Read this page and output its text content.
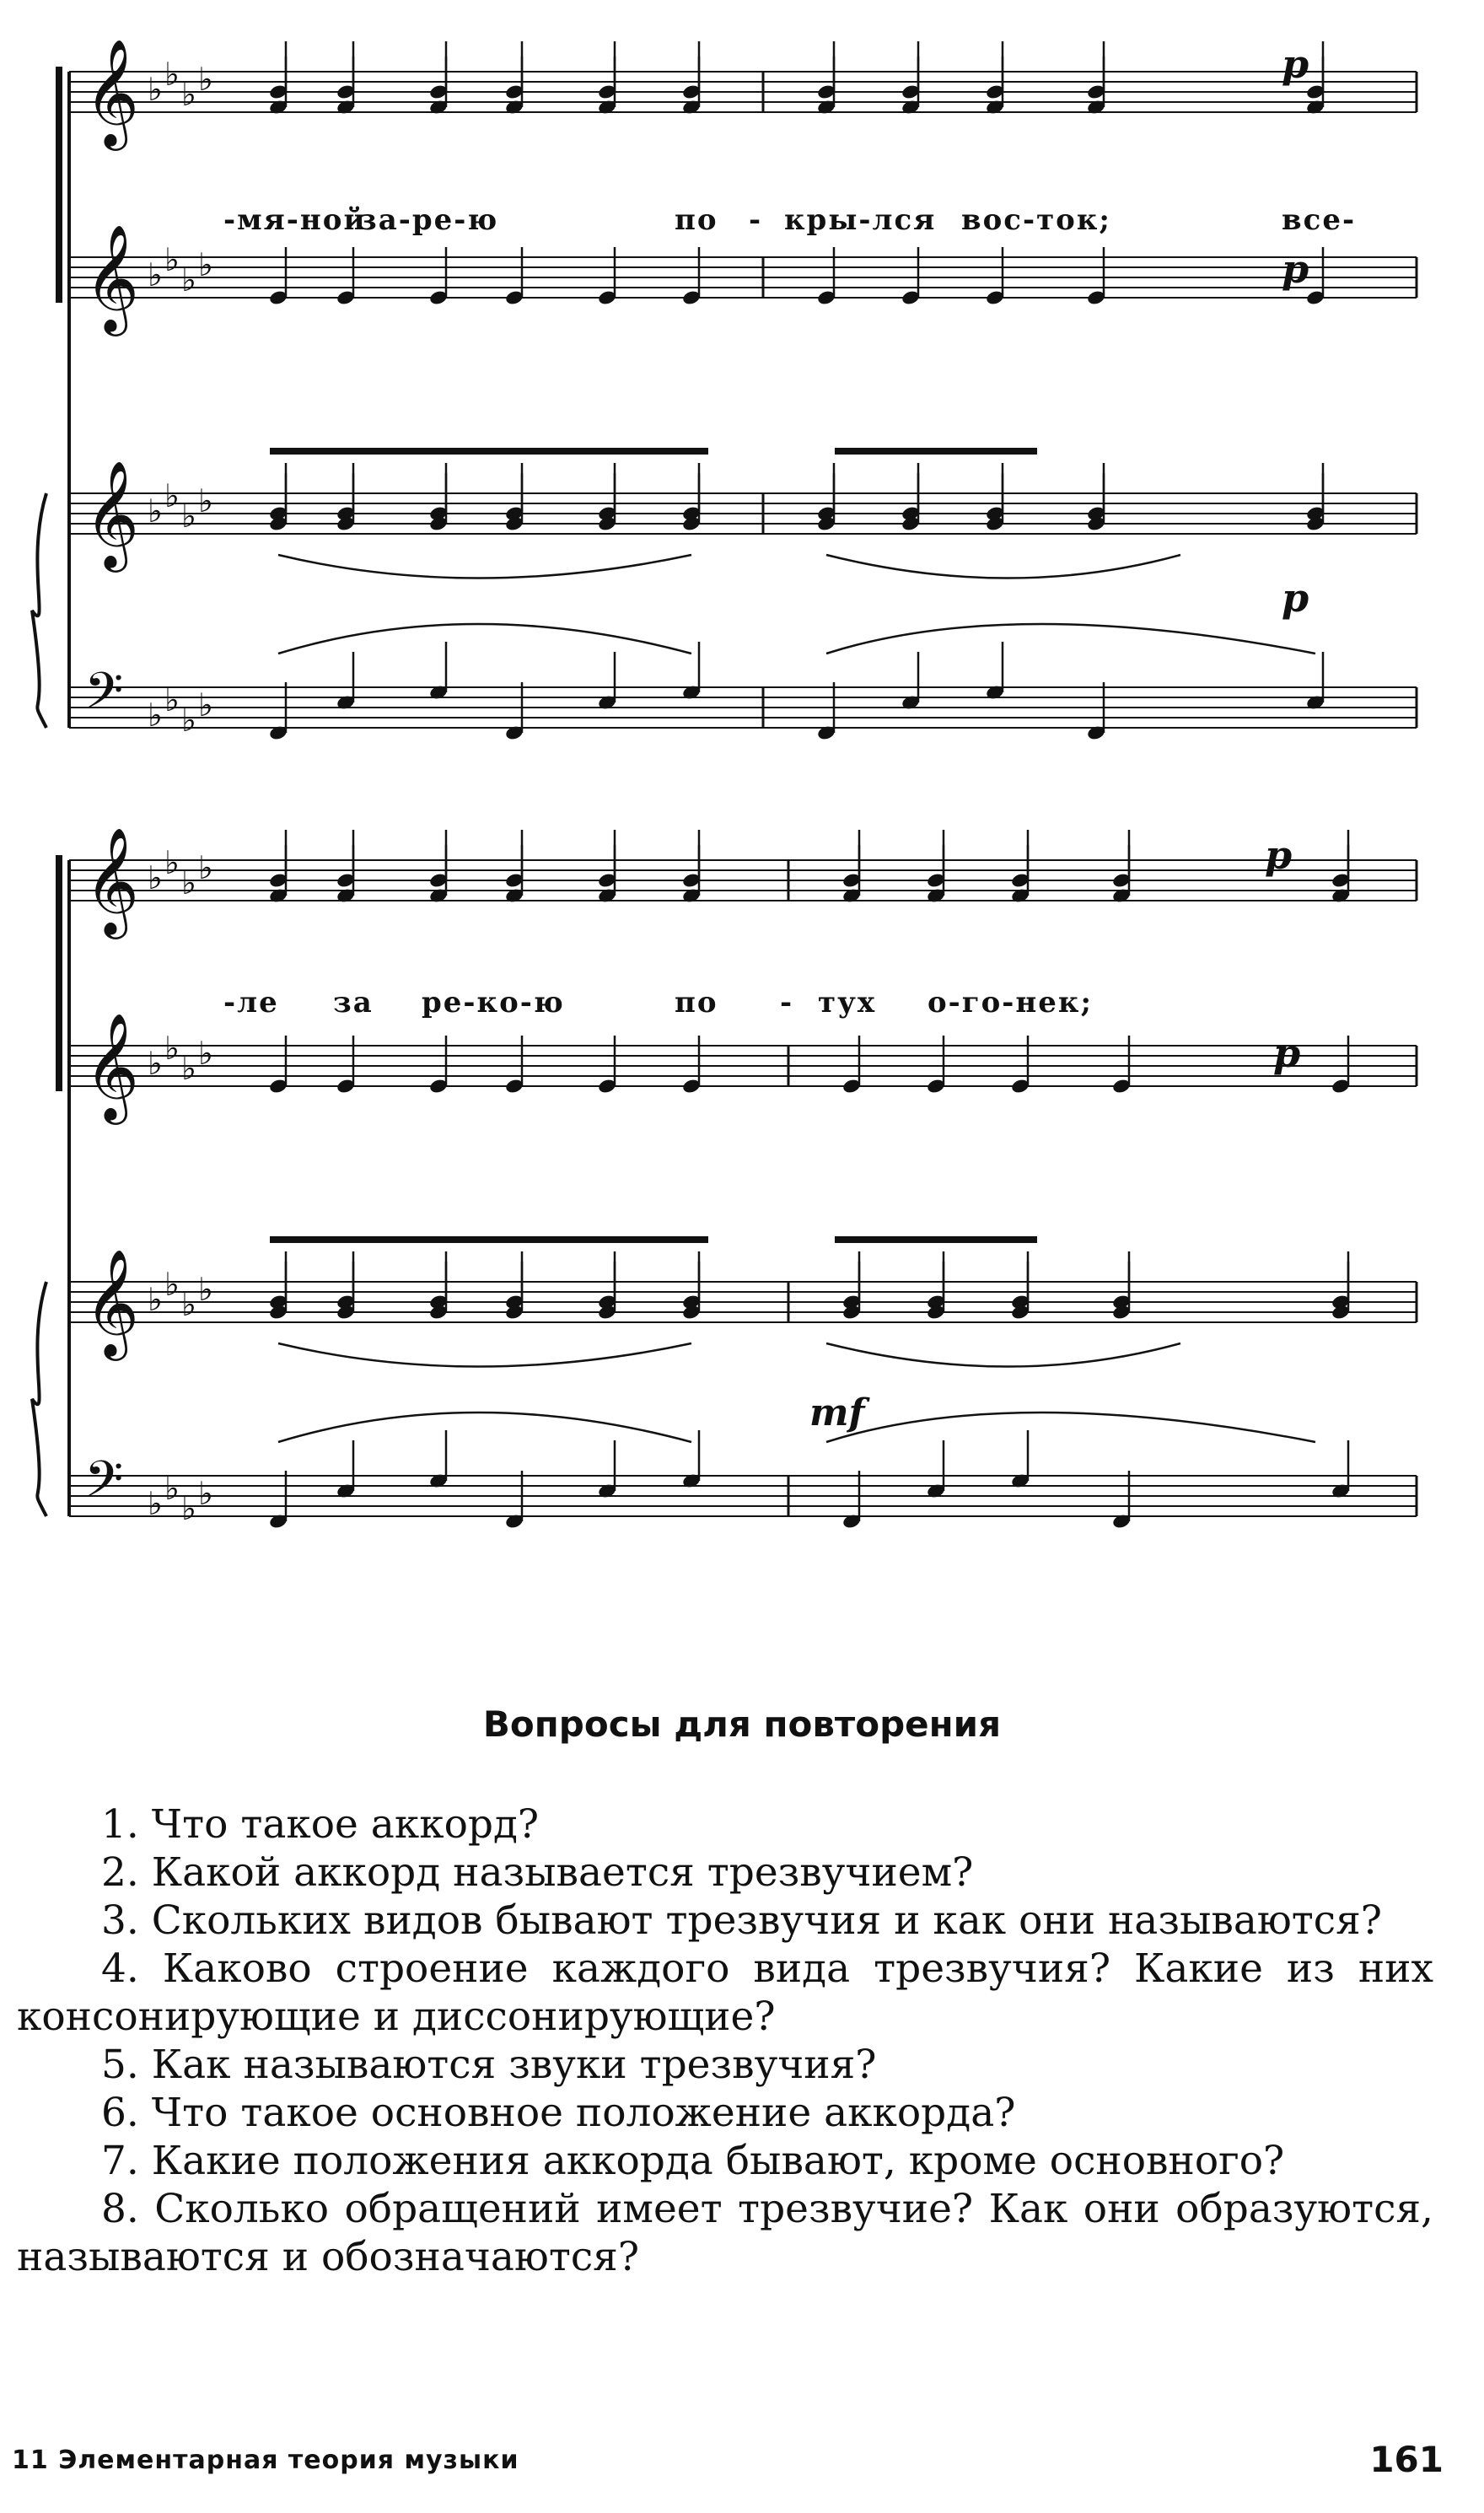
𝄞 ♭ ♭
♭ ♭
𝄞 ♭ ♭
♭ ♭
𝄞 ♭ ♭
♭ ♭
𝄢 ♭ ♭
♭ ♭
𝄞 ♭ ♭
♭ ♭
𝄞 ♭ ♭
♭ ♭
𝄞 ♭ ♭
♭ ♭
𝄢 ♭ ♭
♭ ♭
-мя-ной
за-ре-ю	по - кры-лся вос-ток;	все-
-ле за ре-ко-ю	по - тух о-го-нек;
p
p
p
p
p
mf
Вопросы для повторения
1. Что такое аккорд?
2. Какой аккорд называется трезвучием?
3. Скольких видов бывают трезвучия и как они называются?
4. Каково строение каждого вида трезвучия? Какие из них консонирующие и диссонирующие?
5. Как называются звуки трезвучия?
6. Что такое основное положение аккорда?
7. Какие положения аккорда бывают, кроме основного?
8. Сколько обращений имеет трезвучие? Как они образуются, называются и обозначаются?
11 Элементарная теория музыки	161
